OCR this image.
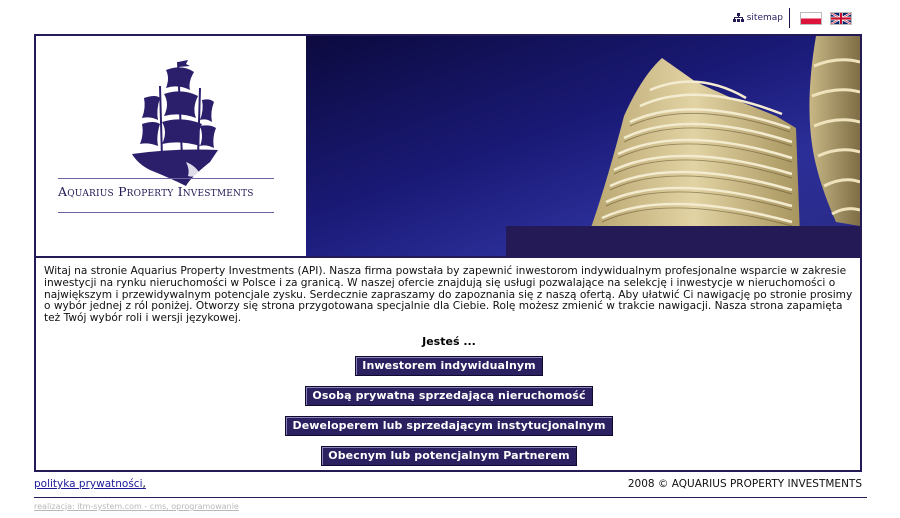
sitemap
Aquarius Property Investments

Witaj na stronie Aquarius Property Investments (API). Nasza firma powstała by zapewnić inwestorom indywidualnym profesjonalne wsparcie w zakresie inwestycji na rynku nieruchomości w Polsce i za granicą. W naszej ofercie znajdują się usługi pozwalające na selekcję i inwestycje w nieruchomości o największym i przewidywalnym potencjale zysku. Serdecznie zapraszamy do zapoznania się z naszą ofertą. Aby ułatwić Ci nawigację po stronie prosimy o wybór jednej z ról poniżej. Otworzy się strona przygotowana specjalnie dla Ciebie. Rolę możesz zmienić w trakcie nawigacji. Nasza strona zapamięta też Twój wybór roli i wersji językowej.

Jesteś ...
Inwestorem indywidualnym
Osobą prywatną sprzedającą nieruchomość
Deweloperem lub sprzedającym instytucjonalnym
Obecnym lub potencjalnym Partnerem
polityka prywatności,	2008 © AQUARIUS PROPERTY INVESTMENTS
realizacja: itm-system.com - cms, oprogramowanie
